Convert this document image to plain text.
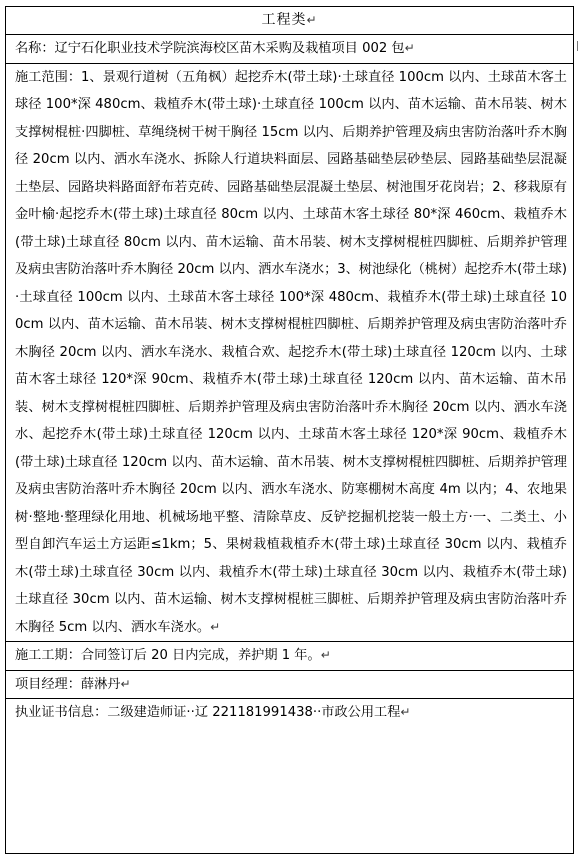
工程类↵
名称：辽宁石化职业技术学院滨海校区苗木采购及栽植项目 002 包↵
施工范围：1、景观行道树（五角枫）起挖乔木(带土球)·土球直径 100cm 以内、土球苗木客土球径 100*深 480cm、栽植乔木(带土球)·土球直径 100cm 以内、苗木运输、苗木吊装、树木支撑树棍桩·四脚桩、草绳绕树干树干胸径 15cm 以内、后期养护管理及病虫害防治落叶乔木胸径 20cm 以内、洒水车浇水、拆除人行道块料面层、园路基础垫层砂垫层、园路基础垫层混凝土垫层、园路块料路面舒布若克砖、园路基础垫层混凝土垫层、树池围牙花岗岩；2、移栽原有金叶榆·起挖乔木(带土球)土球直径 80cm 以内、土球苗木客土球径 80*深 460cm、栽植乔木(带土球)土球直径 80cm 以内、苗木运输、苗木吊装、树木支撑树棍桩四脚桩、后期养护管理及病虫害防治落叶乔木胸径 20cm 以内、洒水车浇水；3、树池绿化（桃树）起挖乔木(带土球)·土球直径 100cm 以内、土球苗木客土球径 100*深 480cm、栽植乔木(带土球)土球直径 100cm 以内、苗木运输、苗木吊装、树木支撑树棍桩四脚桩、后期养护管理及病虫害防治落叶乔木胸径 20cm 以内、洒水车浇水、栽植合欢、起挖乔木(带土球)土球直径 120cm 以内、土球苗木客土球径 120*深 90cm、栽植乔木(带土球)土球直径 120cm 以内、苗木运输、苗木吊装、树木支撑树棍桩四脚桩、后期养护管理及病虫害防治落叶乔木胸径 20cm 以内、洒水车浇水、起挖乔木(带土球)土球直径 120cm 以内、土球苗木客土球径 120*深 90cm、栽植乔木(带土球)土球直径 120cm 以内、苗木运输、苗木吊装、树木支撑树棍桩四脚桩、后期养护管理及病虫害防治落叶乔木胸径 20cm 以内、洒水车浇水、防寒棚树木高度 4m 以内；4、农地果树·整地·整理绿化用地、机械场地平整、清除草皮、反铲挖掘机挖装一般土方·一、二类土、小型自卸汽车运土方运距≤1km；5、果树栽植栽植乔木(带土球)土球直径 30cm 以内、栽植乔木(带土球)土球直径 30cm 以内、栽植乔木(带土球)土球直径 30cm 以内、栽植乔木(带土球)土球直径 30cm 以内、苗木运输、树木支撑树棍桩三脚桩、后期养护管理及病虫害防治落叶乔木胸径 5cm 以内、洒水车浇水。↵
施工工期：合同签订后 20 日内完成，养护期 1 年。↵
项目经理：薛淋丹↵
执业证书信息：二级建造师证··辽 221181991438··市政公用工程↵
